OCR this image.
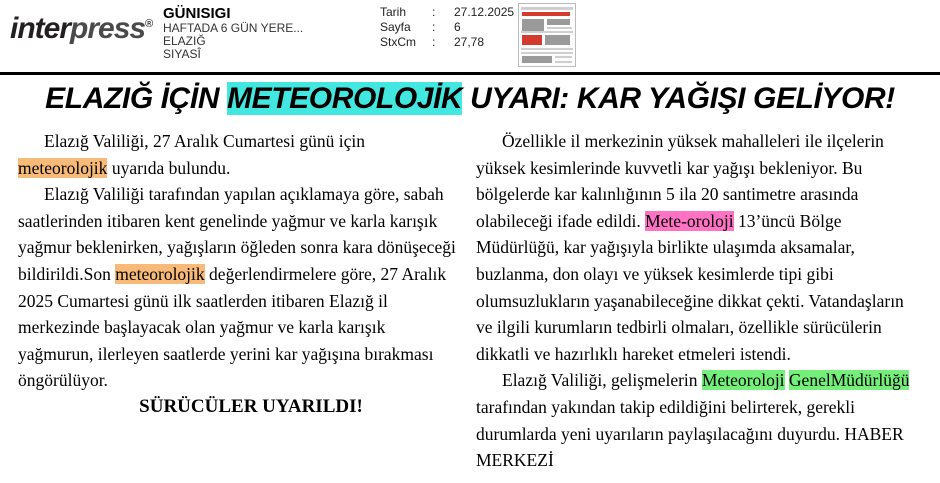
interpress®
GÜNISIGI
HAFTADA 6 GÜN YERE...
ELAZIĞ
SIYASÎ
Tarih : 27.12.2025
Sayfa : 6
StxCm : 27,78
ELAZIĞ İÇİN METEOROLOJİK UYARI: KAR YAĞIŞI GELİYOR!

Elazığ Valiliği, 27 Aralık Cumartesi günü için meteorolojik uyarıda bulundu.

Elazığ Valiliği tarafından yapılan açıklamaya göre, sabah saatlerinden itibaren kent genelinde yağmur ve karla karışık yağmur beklenirken, yağışların öğleden sonra kara dönüşeceği bildirildi.Son meteorolojik değerlendirmelere göre, 27 Aralık 2025 Cumartesi günü ilk saatlerden itibaren Elazığ il merkezinde başlayacak olan yağmur ve karla karışık yağmurun, ilerleyen saatlerde yerini kar yağışına bırakması öngörülüyor.

SÜRÜCÜLER UYARILDI!

Özellikle il merkezinin yüksek mahalleleri ile ilçelerin yüksek kesimlerinde kuvvetli kar yağışı bekleniyor. Bu bölgelerde kar kalınlığının 5 ila 20 santimetre arasında olabileceği ifade edildi. Mete-oroloji 13’üncü Bölge Müdürlüğü, kar yağışıyla birlikte ulaşımda aksamalar, buzlanma, don olayı ve yüksek kesimlerde tipi gibi olumsuzlukların yaşanabileceğine dikkat çekti. Vatandaşların ve ilgili kurumların tedbirli olmaları, özellikle sürücülerin dikkatli ve hazırlıklı hareket etmeleri istendi.

Elazığ Valiliği, gelişmelerin Meteoroloji GenelMüdürlüğü tarafından yakından takip edildiğini belirterek, gerekli durumlarda yeni uyarıların paylaşılacağını duyurdu. HABER MERKEZİ
